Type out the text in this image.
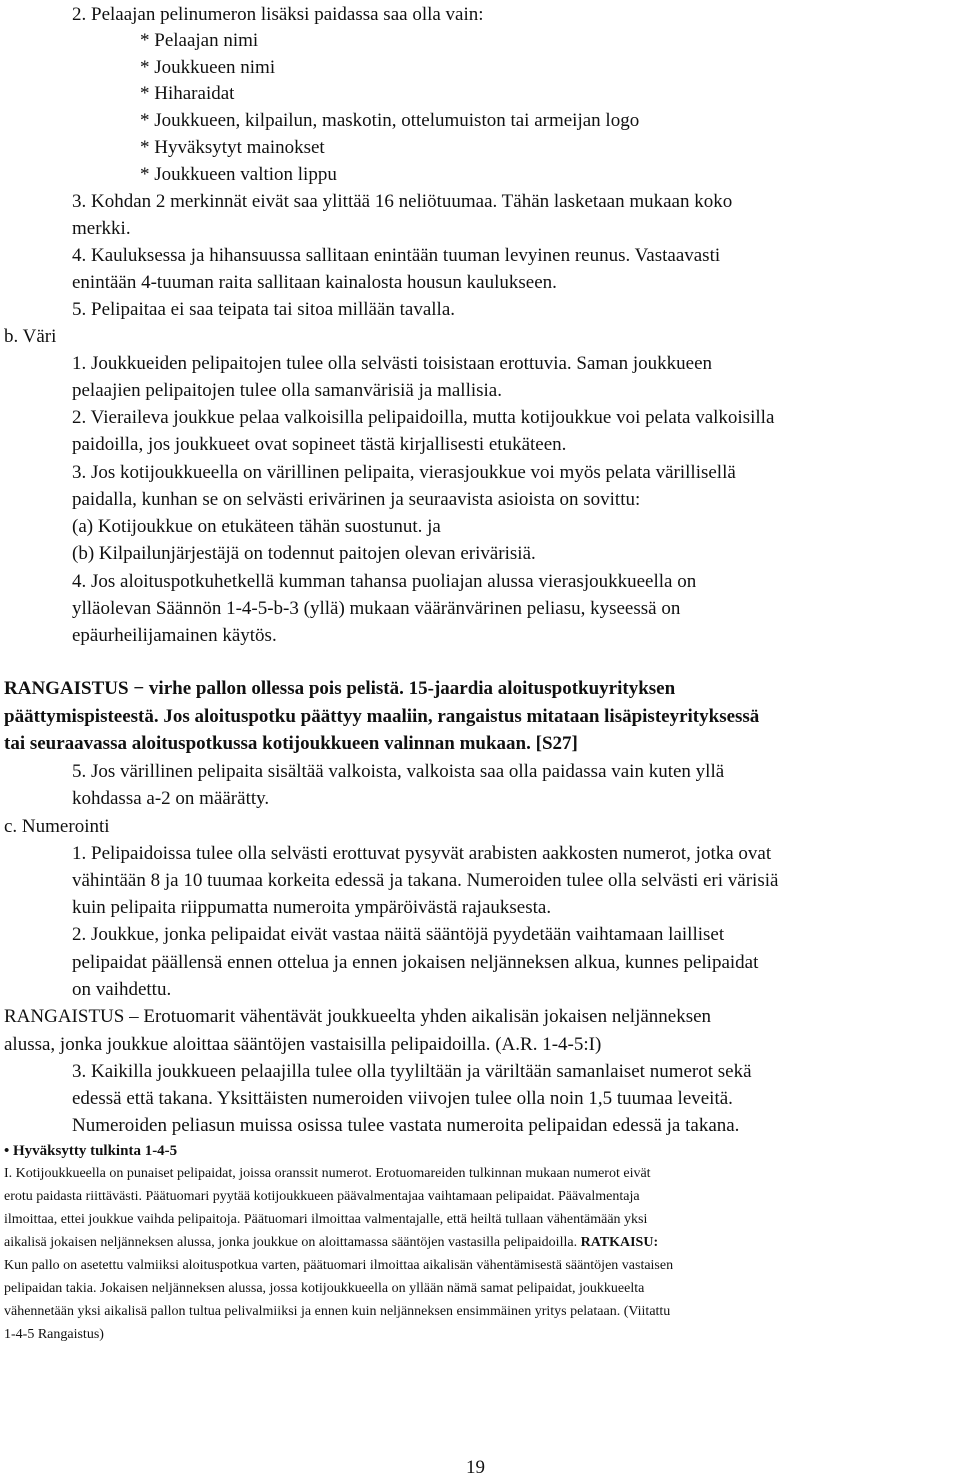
2. Pelaajan pelinumeron lisäksi paidassa saa olla vain:
* Pelaajan nimi
* Joukkueen nimi
* Hiharaidat
* Joukkueen, kilpailun, maskotin, ottelumuiston tai armeijan logo
* Hyväksytyt mainokset
* Joukkueen valtion lippu
3. Kohdan 2 merkinnät eivät saa ylittää 16 neliötuumaa. Tähän lasketaan mukaan koko
merkki.
4. Kauluksessa ja hihansuussa sallitaan enintään tuuman levyinen reunus. Vastaavasti
enintään 4-tuuman raita sallitaan kainalosta housun kaulukseen.
5. Pelipaitaa ei saa teipata tai sitoa millään tavalla.
b. Väri
1. Joukkueiden pelipaitojen tulee olla selvästi toisistaan erottuvia. Saman joukkueen
pelaajien pelipaitojen tulee olla samanvärisiä ja mallisia.
2. Vieraileva joukkue pelaa valkoisilla pelipaidoilla, mutta kotijoukkue voi pelata valkoisilla
paidoilla, jos joukkueet ovat sopineet tästä kirjallisesti etukäteen.
3. Jos kotijoukkueella on värillinen pelipaita, vierasjoukkue voi myös pelata värillisellä
paidalla, kunhan se on selvästi erivärinen ja seuraavista asioista on sovittu:
(a) Kotijoukkue on etukäteen tähän suostunut. ja
(b) Kilpailunjärjestäjä on todennut paitojen olevan erivärisiä.
4. Jos aloituspotkuhetkellä kumman tahansa puoliajan alussa vierasjoukkueella on
ylläolevan Säännön 1-4-5-b-3 (yllä) mukaan vääränvärinen peliasu, kyseessä on
epäurheilijamainen käytös.
RANGAISTUS − virhe pallon ollessa pois pelistä. 15-jaardia aloituspotkuyrityksen
päättymispisteestä. Jos aloituspotku päättyy maaliin, rangaistus mitataan lisäpisteyrityksessä
tai seuraavassa aloituspotkussa kotijoukkueen valinnan mukaan. [S27]
5. Jos värillinen pelipaita sisältää valkoista, valkoista saa olla paidassa vain kuten yllä
kohdassa a-2 on määrätty.
c. Numerointi
1. Pelipaidoissa tulee olla selvästi erottuvat pysyvät arabisten aakkosten numerot, jotka ovat
vähintään 8 ja 10 tuumaa korkeita edessä ja takana. Numeroiden tulee olla selvästi eri värisiä
kuin pelipaita riippumatta numeroita ympäröivästä rajauksesta.
2. Joukkue, jonka pelipaidat eivät vastaa näitä sääntöjä pyydetään vaihtamaan lailliset
pelipaidat päällensä ennen ottelua ja ennen jokaisen neljänneksen alkua, kunnes pelipaidat
on vaihdettu.
RANGAISTUS – Erotuomarit vähentävät joukkueelta yhden aikalisän jokaisen neljänneksen
alussa, jonka joukkue aloittaa sääntöjen vastaisilla pelipaidoilla. (A.R. 1-4-5:I)
3. Kaikilla joukkueen pelaajilla tulee olla tyyliltään ja väriltään samanlaiset numerot sekä
edessä että takana. Yksittäisten numeroiden viivojen tulee olla noin 1,5 tuumaa leveitä.
Numeroiden peliasun muissa osissa tulee vastata numeroita pelipaidan edessä ja takana.
• Hyväksytty tulkinta 1-4-5
I. Kotijoukkueella on punaiset pelipaidat, joissa oranssit numerot. Erotuomareiden tulkinnan mukaan numerot eivät
erotu paidasta riittävästi. Päätuomari pyytää kotijoukkueen päävalmentajaa vaihtamaan pelipaidat. Päävalmentaja
ilmoittaa, ettei joukkue vaihda pelipaitoja. Päätuomari ilmoittaa valmentajalle, että heiltä tullaan vähentämään yksi
aikalisä jokaisen neljänneksen alussa, jonka joukkue on aloittamassa sääntöjen vastasilla pelipaidoilla. RATKAISU:
Kun pallo on asetettu valmiiksi aloituspotkua varten, päätuomari ilmoittaa aikalisän vähentämisestä sääntöjen vastaisen
pelipaidan takia. Jokaisen neljänneksen alussa, jossa kotijoukkueella on yllään nämä samat pelipaidat, joukkueelta
vähennetään yksi aikalisä pallon tultua pelivalmiiksi ja ennen kuin neljänneksen ensimmäinen yritys pelataan. (Viitattu
1-4-5 Rangaistus)
19
